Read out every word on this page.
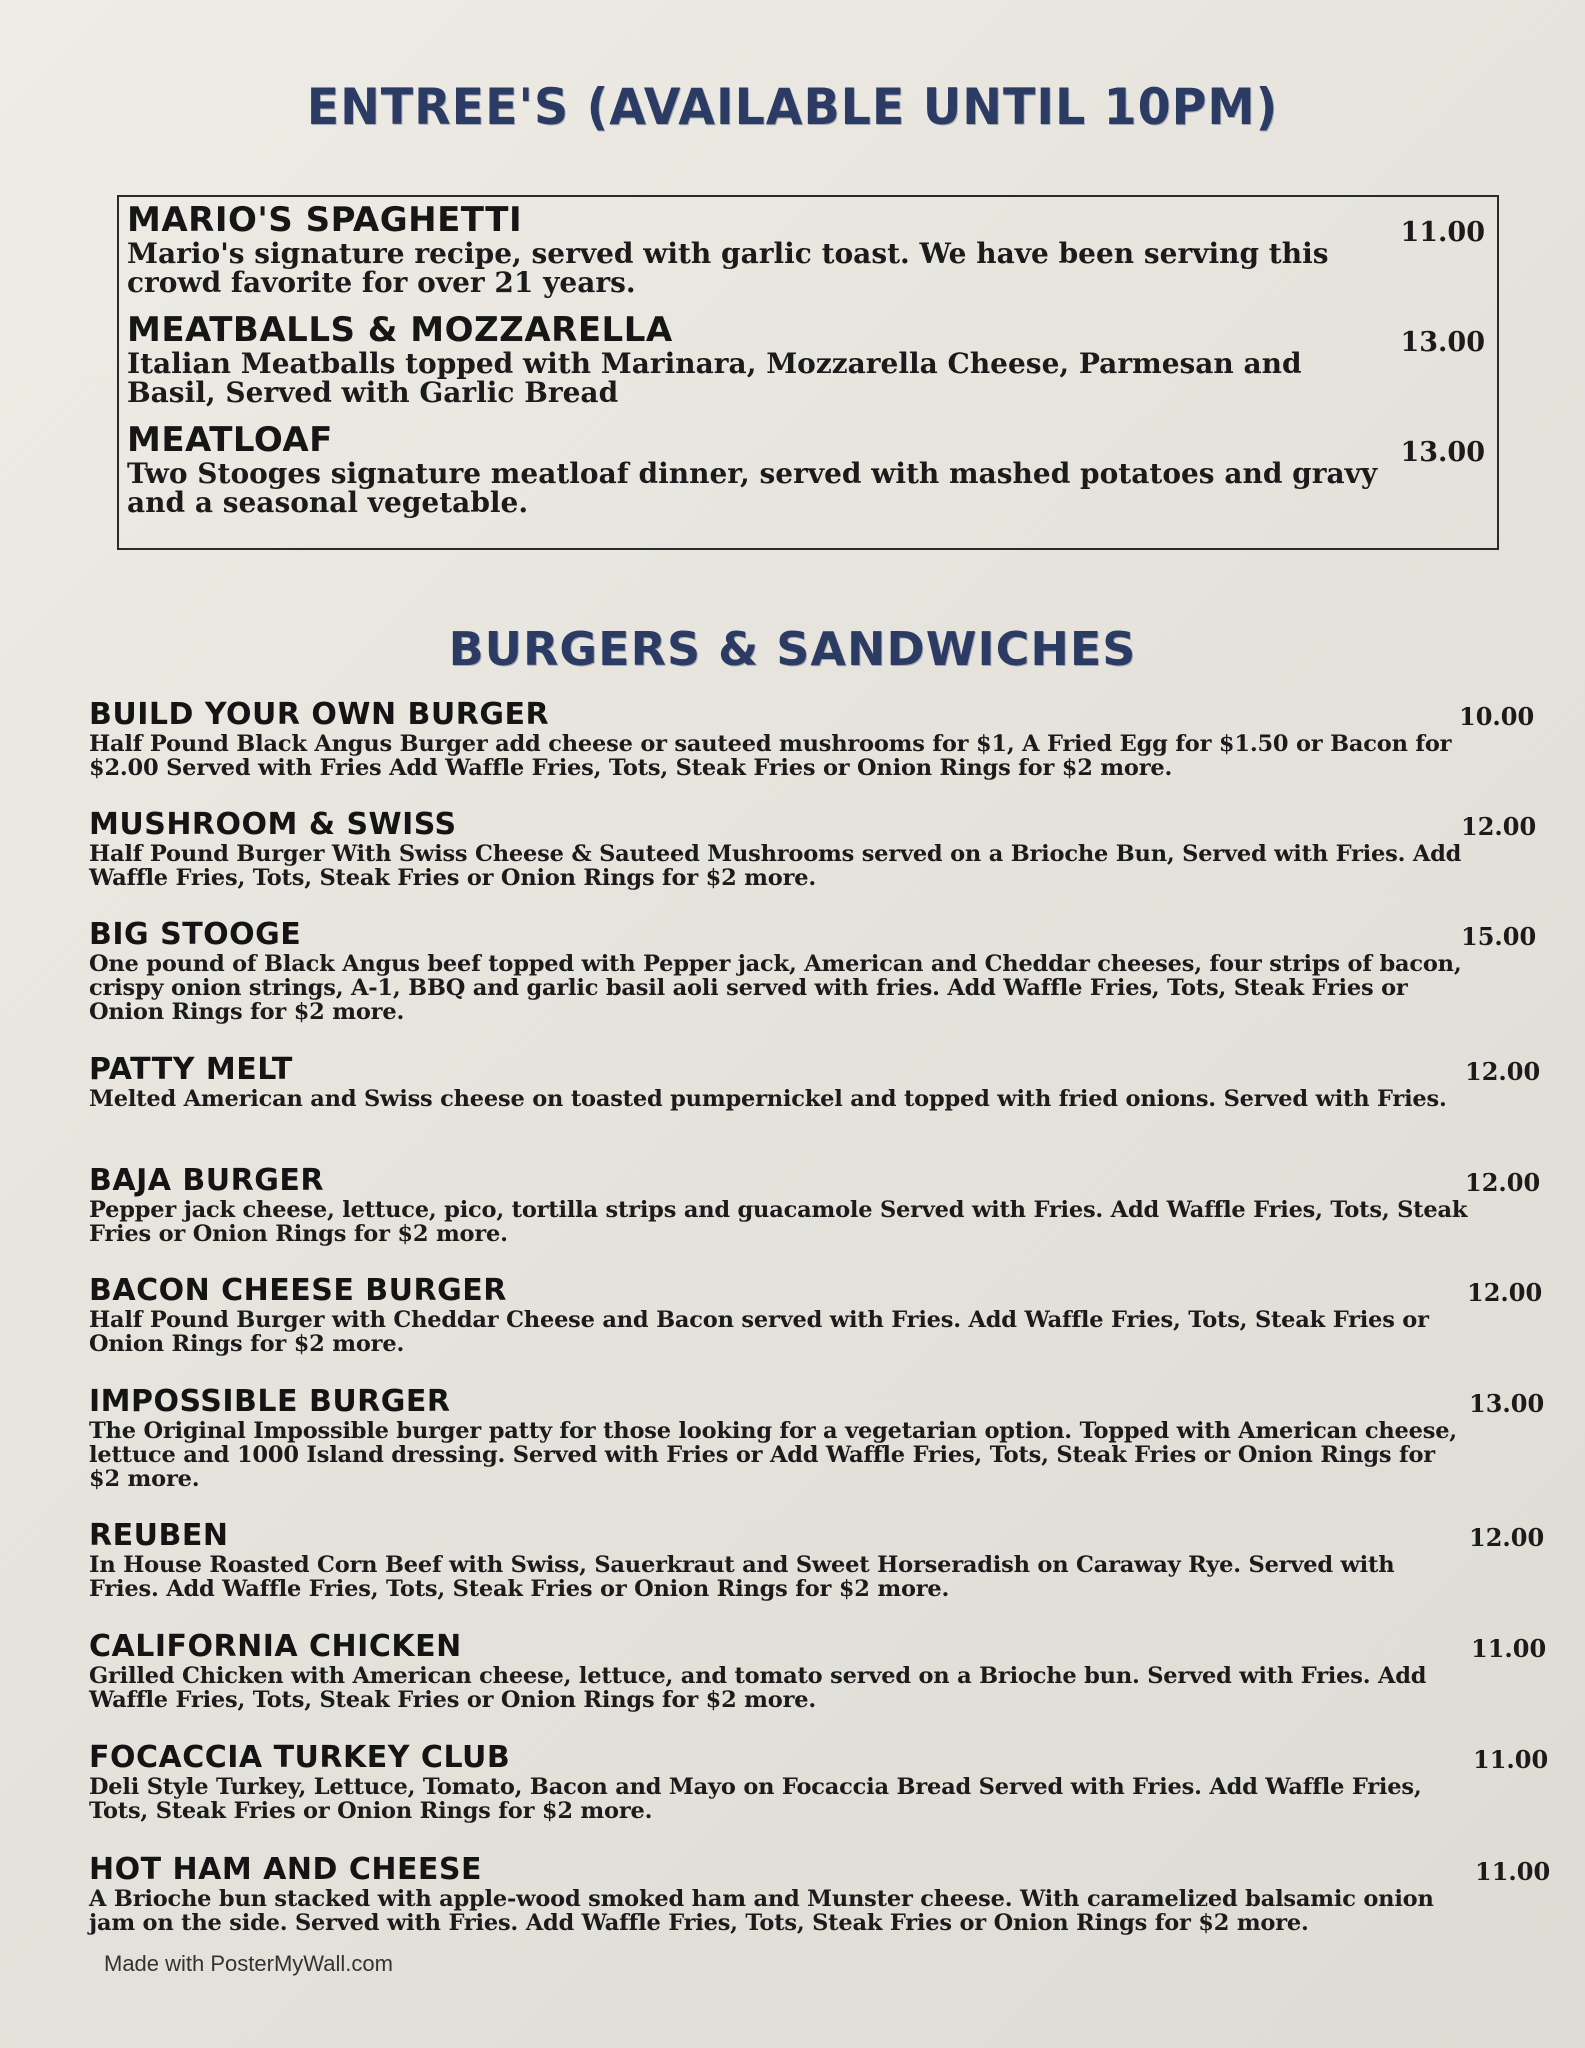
ENTREE'S (AVAILABLE UNTIL 10PM)
MARIO'S SPAGHETTI
Mario's signature recipe, served with garlic toast. We have been serving this crowd favorite for over 21 years.
11.00
MEATBALLS & MOZZARELLA
Italian Meatballs topped with Marinara, Mozzarella Cheese, Parmesan and Basil, Served with Garlic Bread
13.00
MEATLOAF
Two Stooges signature meatloaf dinner, served with mashed potatoes and gravy and a seasonal vegetable.
13.00
BURGERS & SANDWICHES
BUILD YOUR OWN BURGER
Half Pound Black Angus Burger add cheese or sauteed mushrooms for $1, A Fried Egg for $1.50 or Bacon for $2.00 Served with Fries Add Waffle Fries, Tots, Steak Fries or Onion Rings for $2 more.
10.00
MUSHROOM & SWISS
Half Pound Burger With Swiss Cheese & Sauteed Mushrooms served on a Brioche Bun, Served with Fries. Add Waffle Fries, Tots, Steak Fries or Onion Rings for $2 more.
12.00
BIG STOOGE
One pound of Black Angus beef topped with Pepper jack, American and Cheddar cheeses, four strips of bacon, crispy onion strings, A-1, BBQ and garlic basil aoli served with fries. Add Waffle Fries, Tots, Steak Fries or Onion Rings for $2 more.
15.00
PATTY MELT
Melted American and Swiss cheese on toasted pumpernickel and topped with fried onions. Served with Fries.
12.00
BAJA BURGER
Pepper jack cheese, lettuce, pico, tortilla strips and guacamole Served with Fries. Add Waffle Fries, Tots, Steak Fries or Onion Rings for $2 more.
12.00
BACON CHEESE BURGER
Half Pound Burger with Cheddar Cheese and Bacon served with Fries. Add Waffle Fries, Tots, Steak Fries or Onion Rings for $2 more.
12.00
IMPOSSIBLE BURGER
The Original Impossible burger patty for those looking for a vegetarian option. Topped with American cheese, lettuce and 1000 Island dressing. Served with Fries or Add Waffle Fries, Tots, Steak Fries or Onion Rings for $2 more.
13.00
REUBEN
In House Roasted Corn Beef with Swiss, Sauerkraut and Sweet Horseradish on Caraway Rye. Served with Fries. Add Waffle Fries, Tots, Steak Fries or Onion Rings for $2 more.
12.00
CALIFORNIA CHICKEN
Grilled Chicken with American cheese, lettuce, and tomato served on a Brioche bun. Served with Fries. Add Waffle Fries, Tots, Steak Fries or Onion Rings for $2 more.
11.00
FOCACCIA TURKEY CLUB
Deli Style Turkey, Lettuce, Tomato, Bacon and Mayo on Focaccia Bread Served with Fries. Add Waffle Fries, Tots, Steak Fries or Onion Rings for $2 more.
11.00
HOT HAM AND CHEESE
A Brioche bun stacked with apple-wood smoked ham and Munster cheese. With caramelized balsamic onion jam on the side. Served with Fries. Add Waffle Fries, Tots, Steak Fries or Onion Rings for $2 more.
11.00
Made with PosterMyWall.com
